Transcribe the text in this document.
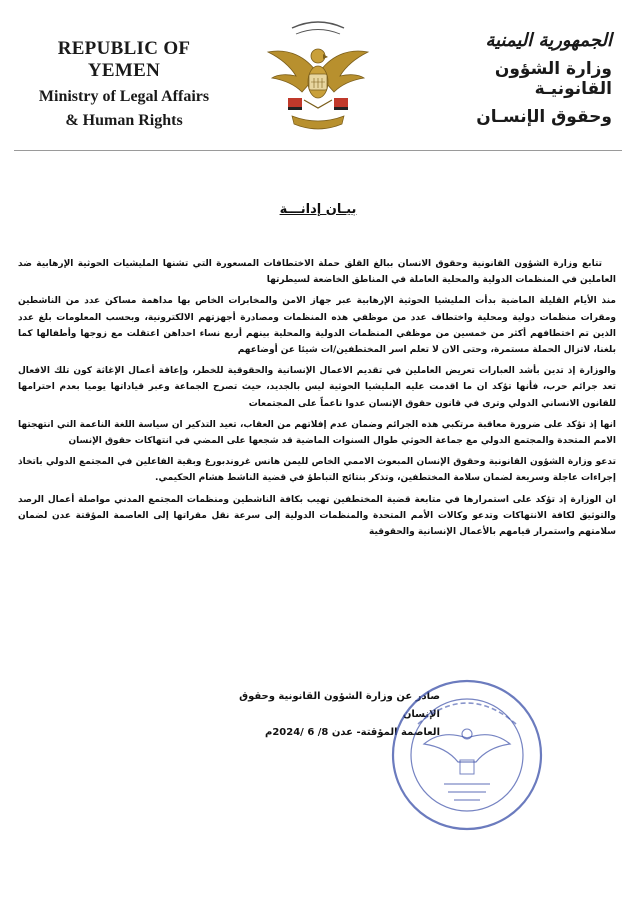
REPUBLIC OF YEMEN
Ministry of Legal Affairs
& Human Rights
الجمهورية اليمنية
وزارة الشؤون القانونيـة
وحقوق الإنسـان
بيـان إدانـــة

تتابع وزارة الشؤون القانونية وحقوق الانسان ببالغ القلق حملة الاختطافات المسعورة التي تشنها المليشيات الحوثية الإرهابية ضد العاملين في المنظمات الدولية والمحلية العاملة في المناطق الخاضعة لسيطرتها

منذ الأيام القليلة الماضية بدأت المليشيا الحوثية الإرهابية عبر جهاز الامن والمخابرات الخاص بها مداهمة مساكن عدد من الناشطين ومقرات منظمات دولية ومحلية واختطاف عدد من موظفي هذه المنظمات ومصادرة أجهزتهم الالكترونية، وبحسب المعلومات بلغ عدد الذين تم اختطافهم أكثر من خمسين من موظفي المنظمات الدولية والمحلية بينهم أربع نساء احداهن اعتقلت مع زوجها وأطفالها كما بلغنا، لاتزال الحملة مستمرة، وحتى الان لا تعلم اسر المختطفين/ات شيئا عن أوضاعهم

والوزارة إذ تدين بأشد العبارات تعريض العاملين في تقديم الاعمال الإنسانية والحقوقية للخطر، وإعاقة أعمال الإغاثة كون تلك الافعال تعد جرائم حرب، فأنها تؤكد ان ما اقدمت عليه المليشيا الحوثية ليس بالجديد، حيث تصرح الجماعة وعبر قياداتها يوميا بعدم احترامها للقانون الانساني الدولي وترى في قانون حقوق الإنسان عدوا ناعماً على المجتمعات

انها إذ تؤكد على ضرورة معاقبة مرتكبي هذه الجرائم وضمان عدم إفلاتهم من العقاب، تعيد التذكير ان سياسة اللغة الناعمة التي انتهجتها الامم المتحدة والمجتمع الدولي مع جماعة الحوثي طوال السنوات الماضية قد شجعها على المضي في انتهاكات حقوق الإنسان

تدعو وزارة الشؤون القانونية وحقوق الإنسان المبعوث الاممي الخاص لليمن هانس غروندبورغ وبقية الفاعلين في المجتمع الدولي باتخاذ إجراءات عاجلة وسريعة لضمان سلامة المختطفين، وتذكر بنتائج التباطؤ في قضية الناشط هشام الحكيمي.

ان الوزارة إذ تؤكد على استمرارها في متابعة قضية المختطفين تهيب بكافة الناشطين ومنظمات المجتمع المدني مواصلة أعمال الرصد والتوثيق لكافة الانتهاكات وتدعو وكالات الأمم المتحدة والمنظمات الدولية إلى سرعة نقل مقراتها إلى العاصمة المؤقتة عدن لضمان سلامتهم واستمرار قيامهم بالأعمال الإنسانية والحقوقية

صادر عن وزارة الشؤون القانونية وحقوق الإنسان
العاصمة المؤقتة- عدن 8/ 6 /2024م
